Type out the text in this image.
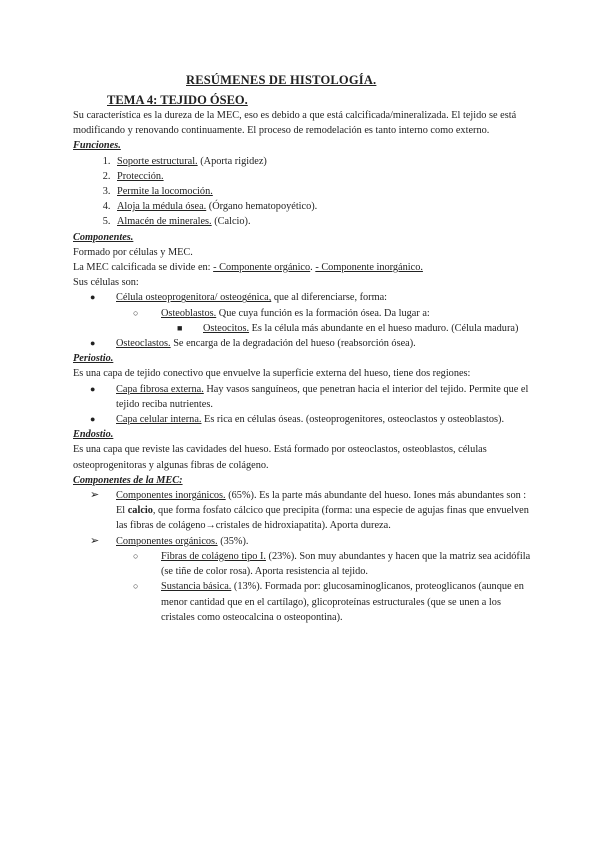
RESÚMENES DE HISTOLOGÍA.
TEMA 4: TEJIDO ÓSEO.

Su característica es la dureza de la MEC, eso es debido a que está calcificada/mineralizada. El tejido se está modificando y renovando continuamente. El proceso de remodelación es tanto interno como externo.

Funciones.

1. Soporte estructural. (Aporta rigidez)
2. Protección.
3. Permite la locomoción.
4. Aloja la médula ósea. (Órgano hematopoyético).
5. Almacén de minerales. (Calcio).

Componentes.

Formado por células y MEC.

La MEC calcificada se divide en: - Componente orgánico. - Componente inorgánico.

Sus células son:

● Célula osteoprogenitora/ osteogénica, que al diferenciarse, forma:
○ Osteoblastos. Que cuya función es la formación ósea. Da lugar a:
■ Osteocitos. Es la célula más abundante en el hueso maduro. (Célula madura)
● Osteoclastos. Se encarga de la degradación del hueso (reabsorción ósea).

Periostio.

Es una capa de tejido conectivo que envuelve la superficie externa del hueso, tiene dos regiones:

● Capa fibrosa externa. Hay vasos sanguíneos, que penetran hacia el interior del tejido. Permite que el tejido reciba nutrientes.
● Capa celular interna. Es rica en células óseas. (osteoprogenitores, osteoclastos y osteoblastos).

Endostio.

Es una capa que reviste las cavidades del hueso. Está formado por osteoclastos, osteoblastos, células osteoprogenitoras y algunas fibras de colágeno.

Componentes de la MEC:

➢ Componentes inorgánicos. (65%). Es la parte más abundante del hueso. Iones más abundantes son : El calcio, que forma fosfato cálcico que precipita (forma: una especie de agujas finas que envuelven las fibras de colágeno→cristales de hidroxiapatita). Aporta dureza.
➢ Componentes orgánicos. (35%).
○ Fibras de colágeno tipo I. (23%). Son muy abundantes y hacen que la matriz sea acidófila (se tiñe de color rosa). Aporta resistencia al tejido.
○ Sustancia básica. (13%). Formada por: glucosaminoglicanos, proteoglicanos (aunque en menor cantidad que en el cartílago), glicoproteínas estructurales (que se unen a los cristales como osteocalcina o osteopontina).
